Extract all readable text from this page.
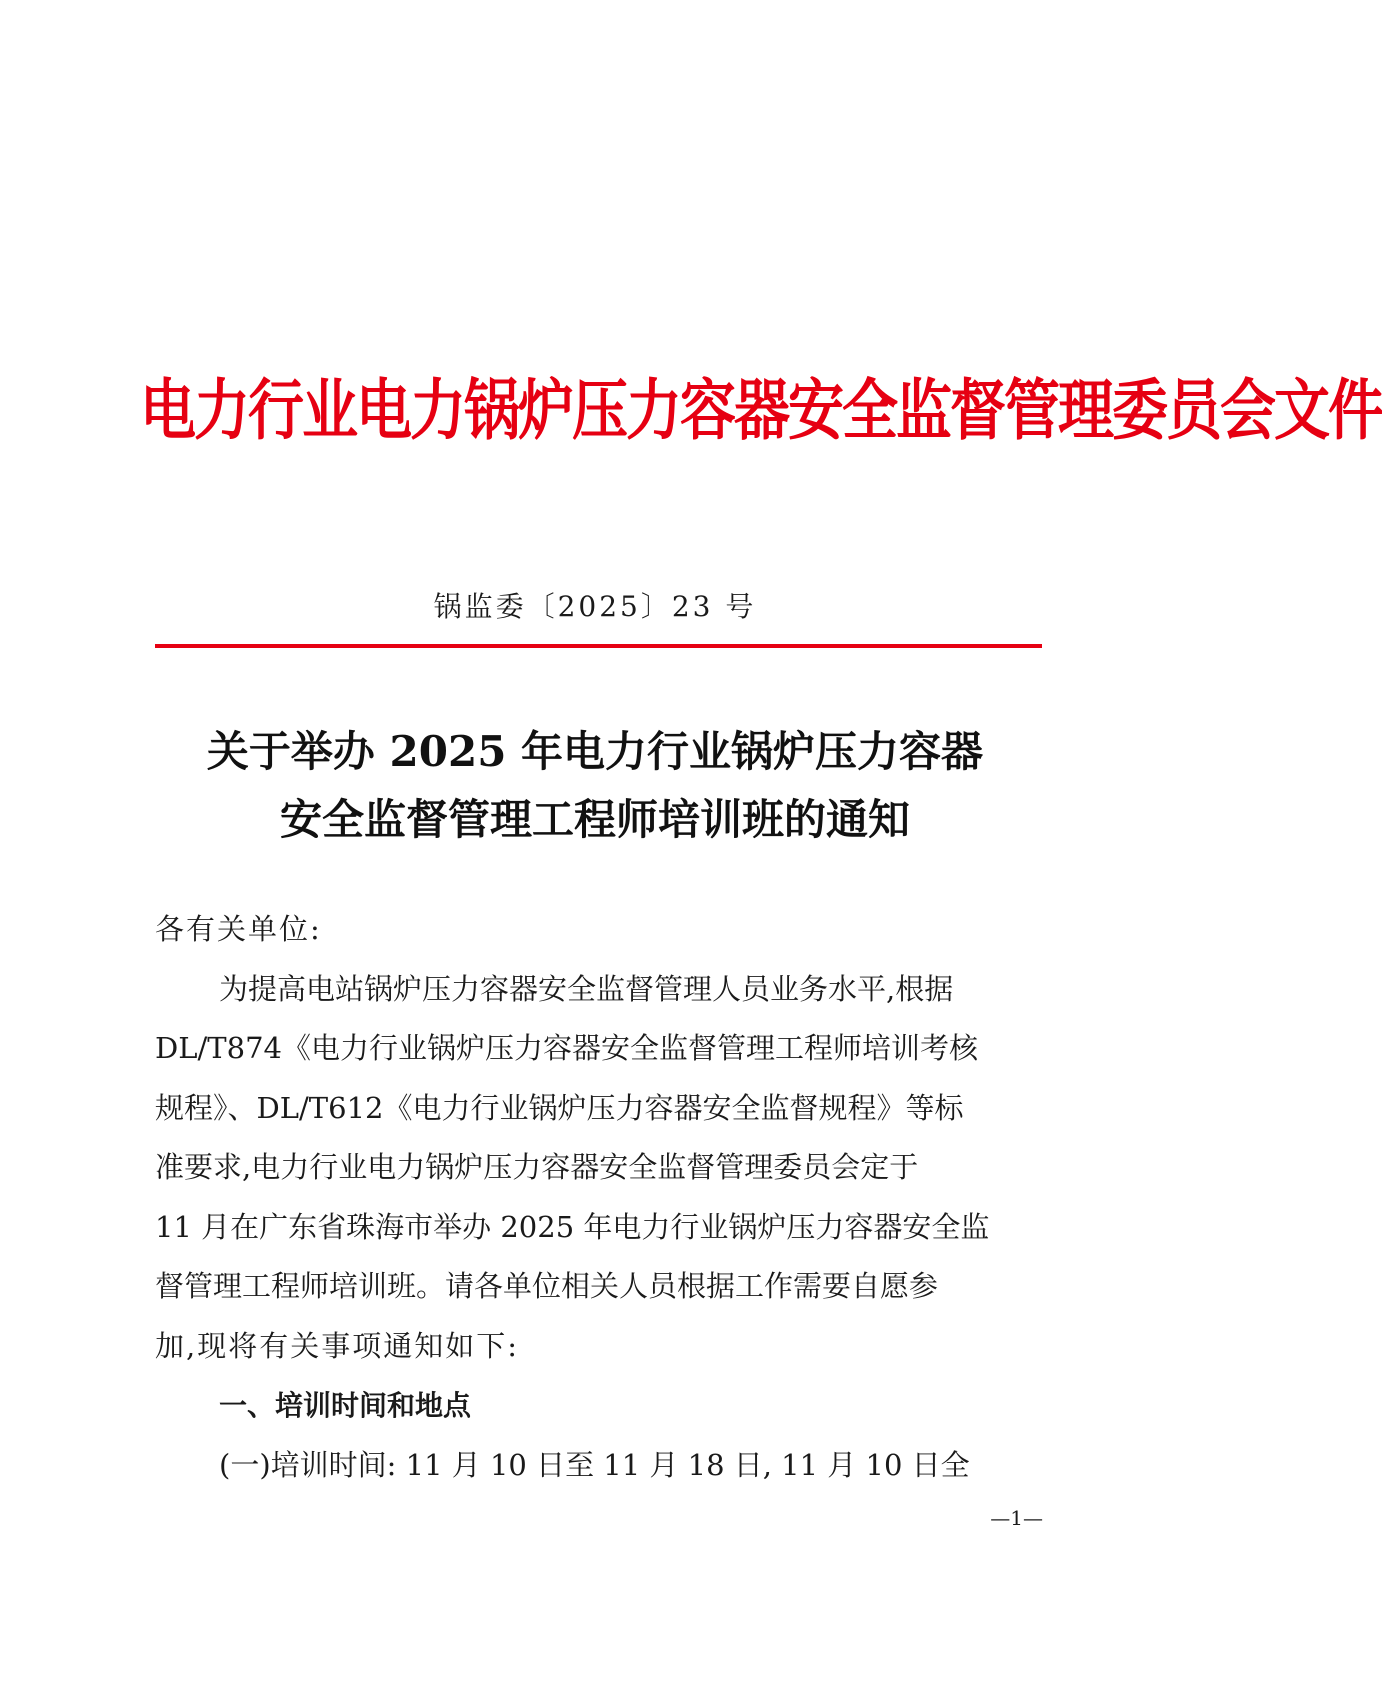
电力行业电力锅炉压力容器安全监督管理委员会文件
锅监委〔2025〕23 号
关于举办 2025 年电力行业锅炉压力容器
安全监督管理工程师培训班的通知
各有关单位:
为提高电站锅炉压力容器安全监督管理人员业务水平,根据
DL/T874《电力行业锅炉压力容器安全监督管理工程师培训考核
规程》、DL/T612《电力行业锅炉压力容器安全监督规程》等标
准要求,电力行业电力锅炉压力容器安全监督管理委员会定于
11 月在广东省珠海市举办 2025 年电力行业锅炉压力容器安全监
督管理工程师培训班。请各单位相关人员根据工作需要自愿参
加,现将有关事项通知如下:
一、培训时间和地点
(一)培训时间: 11 月 10 日至 11 月 18 日, 11 月 10 日全
—1—
